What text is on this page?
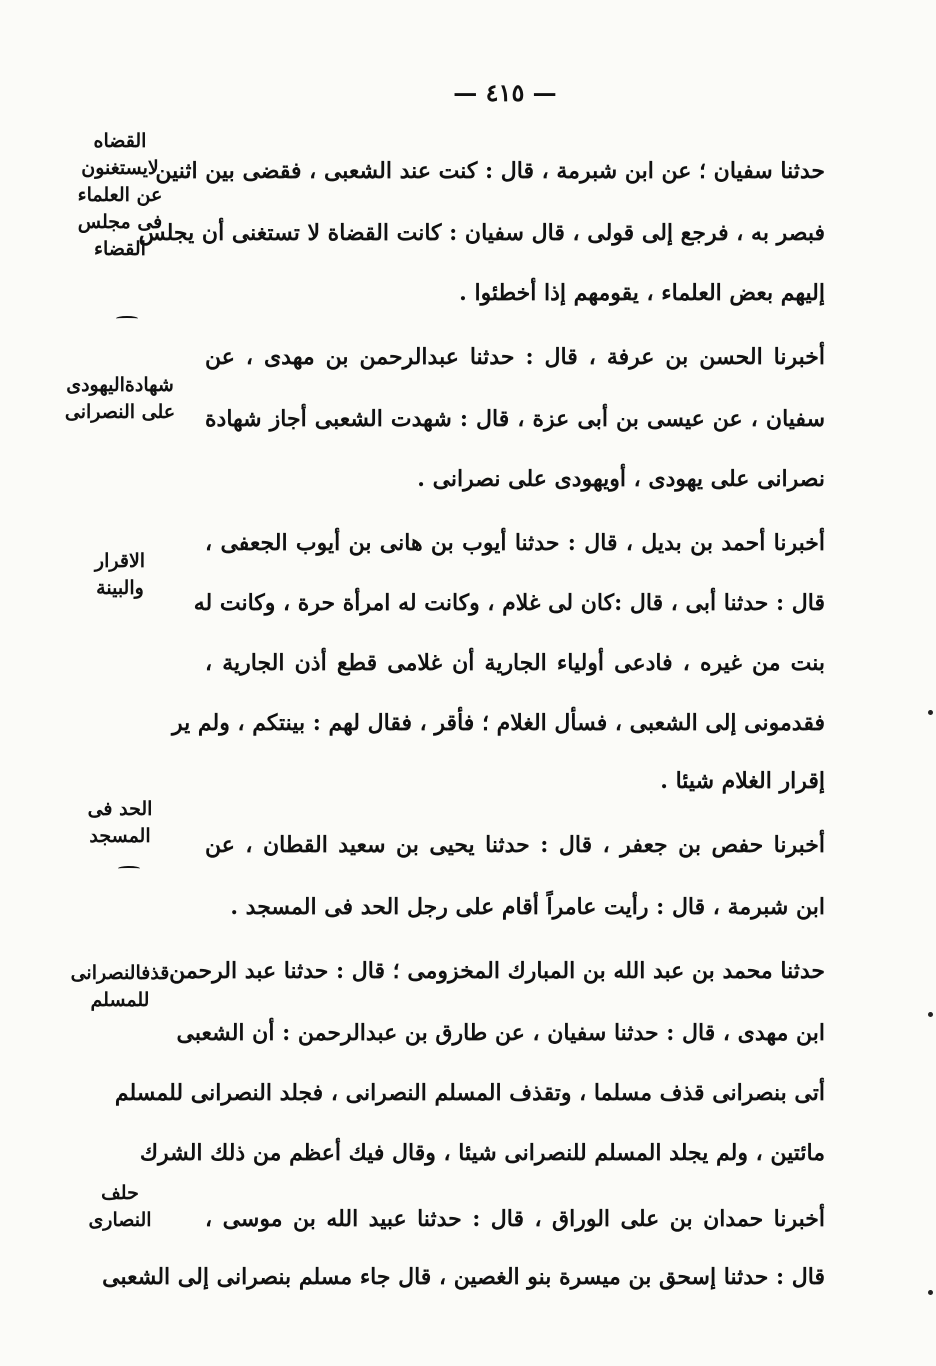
— ٤١٥ —
القضاه
لايستغنون
عن العلماء
فى مجلس
القضاء
شهادةاليهودى
على النصرانى
الاقرار
والبينة
الحد فى
المسجد
قذفالنصرانى
للمسلم
حلف
النصارى
حدثنا سفيان ؛ عن ابن شبرمة ، قال : كنت عند الشعبى ، فقضى بين اثنين
فبصر به ، فرجع إلى قولى ، قال سفيان : كانت القضاة لا تستغنى أن يجلس
إليهم بعض العلماء ، يقومهم إذا أخطئوا .
أخبرنا الحسن بن عرفة ، قال : حدثنا عبدالرحمن بن مهدى ، عن
سفيان ، عن عيسى بن أبى عزة ، قال : شهدت الشعبى أجاز شهادة
نصرانى على يهودى ، أويهودى على نصرانى .
أخبرنا أحمد بن بديل ، قال : حدثنا أيوب بن هانى بن أيوب الجعفى ،
قال : حدثنا أبى ، قال :كان لى غلام ، وكانت له امرأة حرة ، وكانت له
بنت من غيره ، فادعى أولياء الجارية أن غلامى قطع أذن الجارية ،
فقدمونى إلى الشعبى ، فسأل الغلام ؛ فأقر ، فقال لهم : بينتكم ، ولم ير
إقرار الغلام شيئا .
أخبرنا حفص بن جعفر ، قال : حدثنا يحيى بن سعيد القطان ، عن
ابن شبرمة ، قال : رأيت عامراً أقام على رجل الحد فى المسجد .
حدثنا محمد بن عبد الله بن المبارك المخزومى ؛ قال : حدثنا عبد الرحمن
ابن مهدى ، قال : حدثنا سفيان ، عن طارق بن عبدالرحمن : أن الشعبى
أتى بنصرانى قذف مسلما ، وتقذف المسلم النصرانى ، فجلد النصرانى للمسلم
مائتين ، ولم يجلد المسلم للنصرانى شيئا ، وقال فيك أعظم من ذلك الشرك
أخبرنا حمدان بن على الوراق ، قال : حدثنا عبيد الله بن موسى ،
قال : حدثنا إسحق بن ميسرة بنو الغصين ، قال جاء مسلم بنصرانى إلى الشعبى
